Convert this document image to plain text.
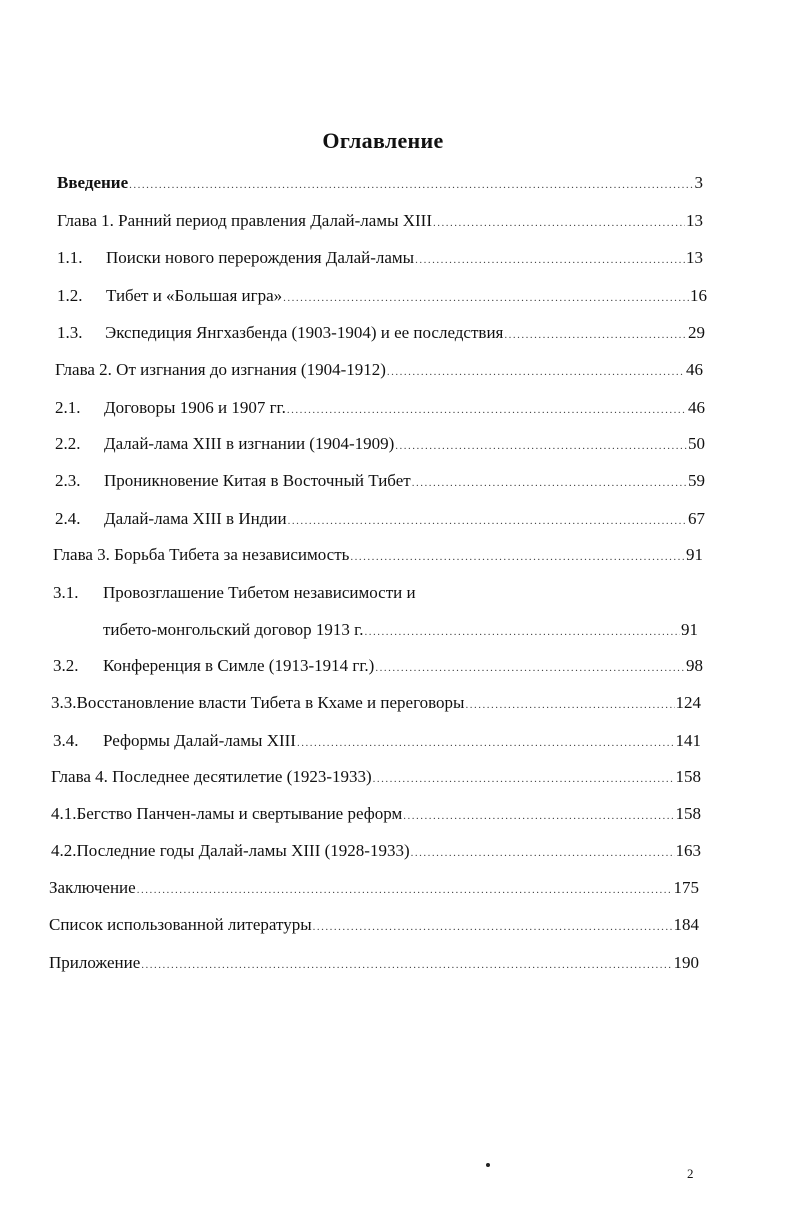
Оглавление
Введение .....	3
Глава 1. Ранний период правления Далай-ламы XIII .....	13
1.1.	Поиски нового перерождения Далай-ламы .....	13
1.2.	Тибет и «Большая игра» .....	16
1.3.	Экспедиция Янгхазбенда (1903-1904) и ее последствия .....	29
Глава 2. От изгнания до изгнания (1904-1912) .....	46
2.1.	Договоры 1906 и 1907 гг. .....	46
2.2.	Далай-лама XIII в изгнании (1904-1909) .....	50
2.3.	Проникновение Китая в Восточный Тибет .....	59
2.4.	Далай-лама XIII в Индии .....	67
Глава 3. Борьба Тибета за независимость .....	91
3.1. Провозглашение Тибетом независимости и
тибето-монгольский договор 1913 г. .....	91
3.2.	Конференция в Симле (1913-1914 гг.) .....	98
3.3.Восстановление власти Тибета в Кхаме и переговоры .....	124
3.4.	Реформы Далай-ламы XIII .....	141
Глава 4. Последнее десятилетие (1923-1933) .....	158
4.1.Бегство Панчен-ламы и свертывание реформ .....	158
4.2.Последние годы Далай-ламы XIII (1928-1933) .....	163
Заключение .....	175
Список использованной литературы .....	184
Приложение .....	190
2
